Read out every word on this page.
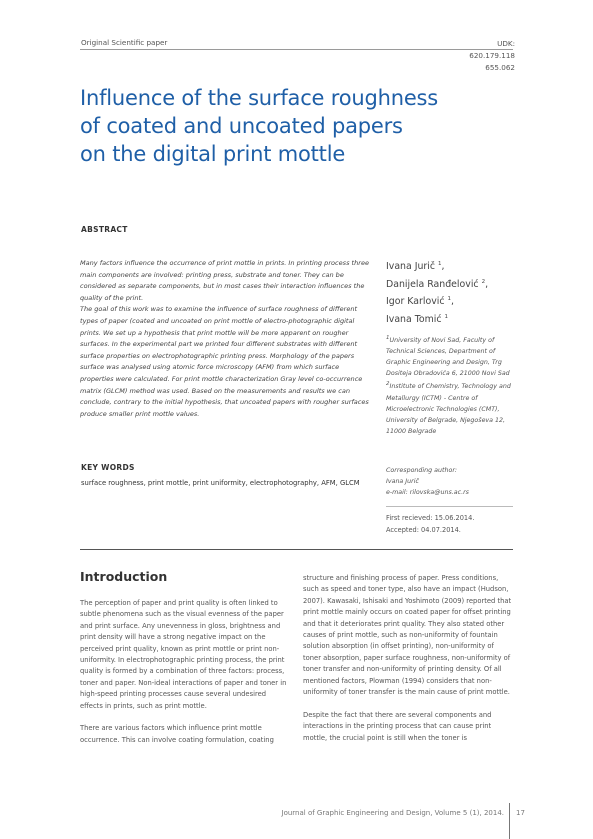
Original Scientific paper	UDK: 620.179.118
655.062
Influence of the surface roughness
of coated and uncoated papers
on the digital print mottle
ABSTRACT

Many factors influence the occurrence of print mottle in prints. In printing process three main components are involved: printing press, substrate and toner. They can be considered as separate components, but in most cases their interaction influences the quality of the print.

The goal of this work was to examine the influence of surface roughness of different types of paper (coated and uncoated on print mottle of electro-photographic digital prints. We set up a hypothesis that print mottle will be more apparent on rougher surfaces. In the experimental part we printed four different substrates with different surface properties on electrophotographic printing press. Morphology of the papers surface was analysed using atomic force microscopy (AFM) from which surface properties were calculated. For print mottle characterization Gray level co-occurrence matrix (GLCM) method was used. Based on the measurements and results we can conclude, contrary to the initial hypothesis, that uncoated papers with rougher surfaces produce smaller print mottle values.

KEY WORDS
surface roughness, print mottle, print uniformity, electrophotography, AFM, GLCM
Ivana Jurič $^1$,
Danijela Ranđelović $^2$,
Igor Karlović $^1$,
Ivana Tomić $^1$
$^1$University of Novi Sad, Faculty of Technical Sciences, Department of Graphic Engineering and Design, Trg Dositeja Obradovića 6, 21000 Novi Sad
$^2$Institute of Chemistry, Technology and Metallurgy (ICTM) - Centre of Microelectronic Technologies (CMT), University of Belgrade, Njegoševa 12, 11000 Belgrade
Corresponding author:
Ivana Jurič
e-mail: rilovska@uns.ac.rs
First recieved: 15.06.2014.
Accepted: 04.07.2014.
Introduction

The perception of paper and print quality is often linked to subtle phenomena such as the visual evenness of the paper and print surface. Any unevenness in gloss, brightness and print density will have a strong negative impact on the perceived print quality, known as print mottle or print non-uniformity. In electrophotographic printing process, the print quality is formed by a combination of three factors: process, toner and paper. Non-ideal interactions of paper and toner in high-speed printing processes cause several undesired effects in prints, such as print mottle.

There are various factors which influence print mottle occurrence. This can involve coating formulation, coating

structure and finishing process of paper. Press conditions, such as speed and toner type, also have an impact (Hudson, 2007). Kawasaki, Ishisaki and Yoshimoto (2009) reported that print mottle mainly occurs on coated paper for offset printing and that it deteriorates print quality. They also stated other causes of print mottle, such as non-uniformity of fountain solution absorption (in offset printing), non-uniformity of toner absorption, paper surface roughness, non-uniformity of toner transfer and non-uniformity of printing density. Of all mentioned factors, Plowman (1994) considers that non-uniformity of toner transfer is the main cause of print mottle.

Despite the fact that there are several components and interactions in the printing process that can cause print mottle, the crucial point is still when the toner is

Journal of Graphic Engineering and Design, Volume 5 (1), 2014. 17
